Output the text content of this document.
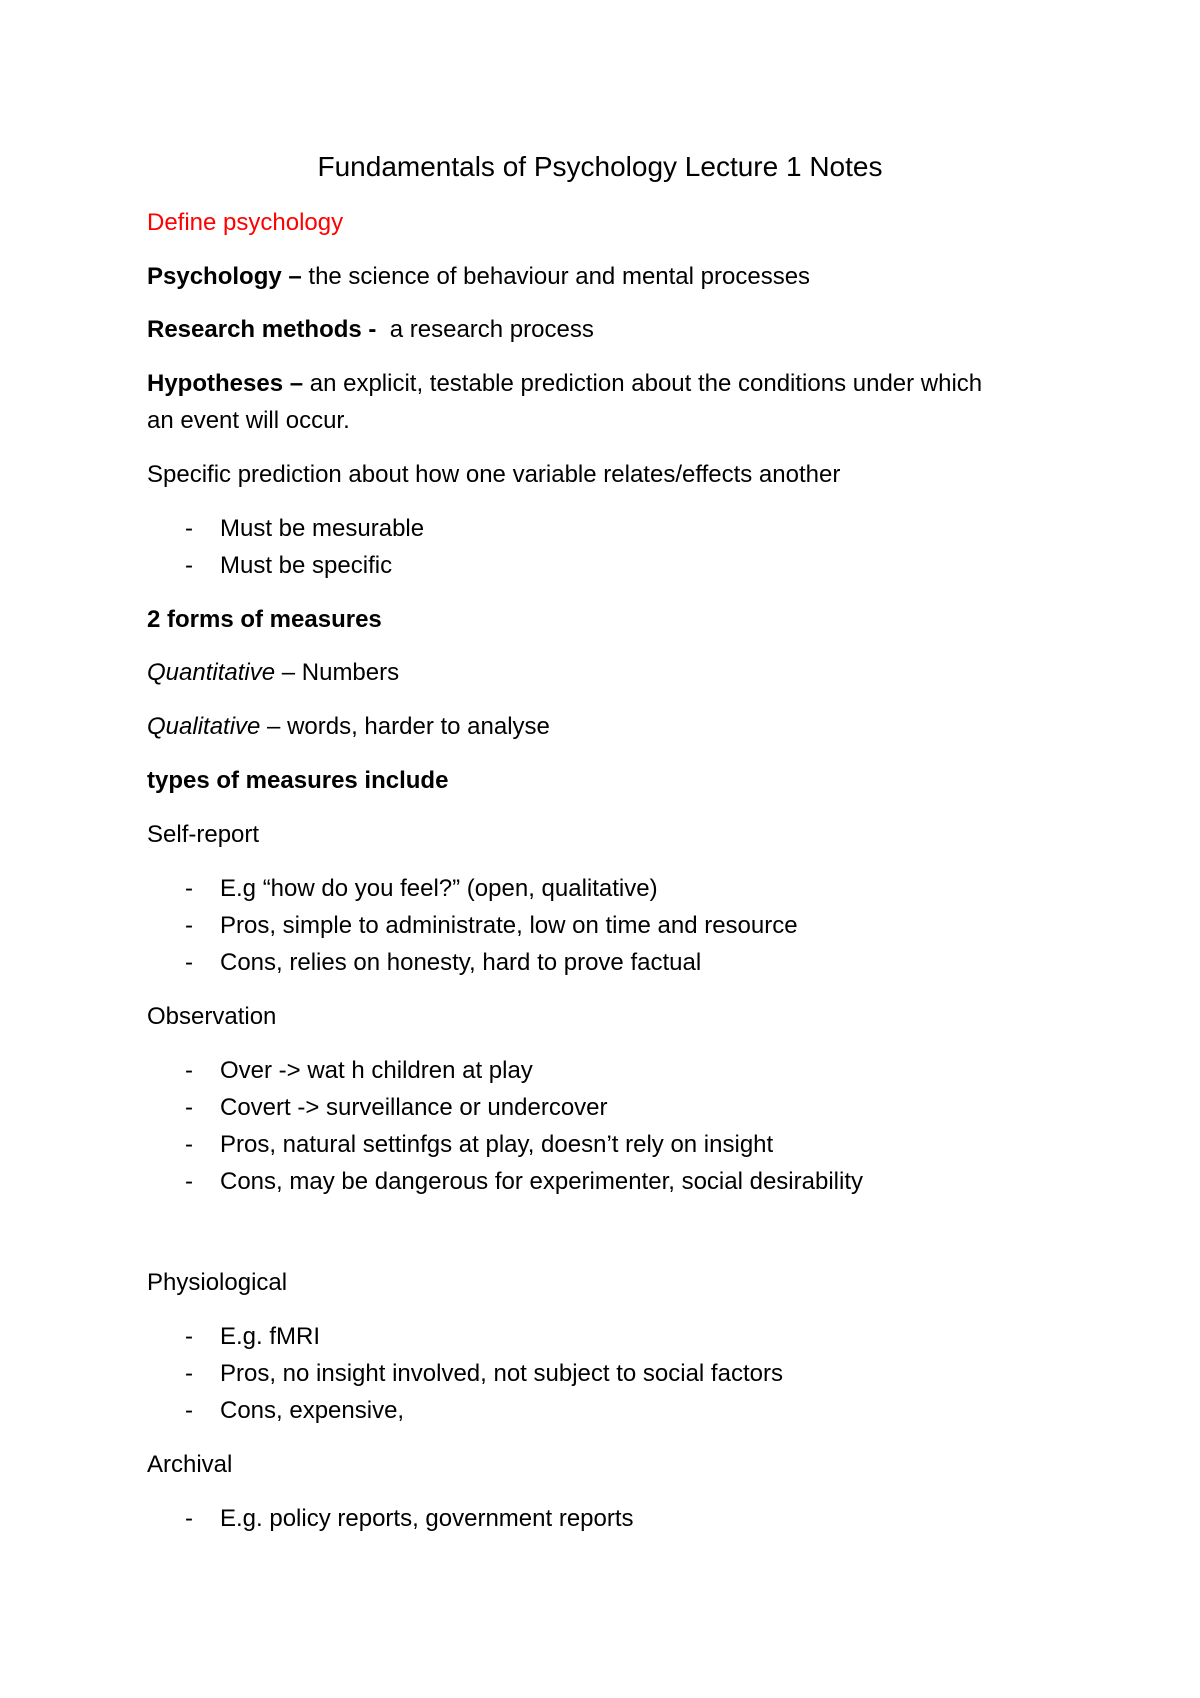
Fundamentals of Psychology Lecture 1 Notes

Define psychology

Psychology – the science of behaviour and mental processes

Research methods -  a research process

Hypotheses – an explicit, testable prediction about the conditions under which

an event will occur.

Specific prediction about how one variable relates/effects another

- Must be mesurable

- Must be specific

2 forms of measures

Quantitative – Numbers

Qualitative – words, harder to analyse

types of measures include

Self-report

- E.g “how do you feel?” (open, qualitative)

- Pros, simple to administrate, low on time and resource

- Cons, relies on honesty, hard to prove factual

Observation

- Over -> wat h children at play

- Covert -> surveillance or undercover

- Pros, natural settinfgs at play, doesn’t rely on insight

- Cons, may be dangerous for experimenter, social desirability

Physiological

- E.g. fMRI

- Pros, no insight involved, not subject to social factors

- Cons, expensive,

Archival

- E.g. policy reports, government reports
